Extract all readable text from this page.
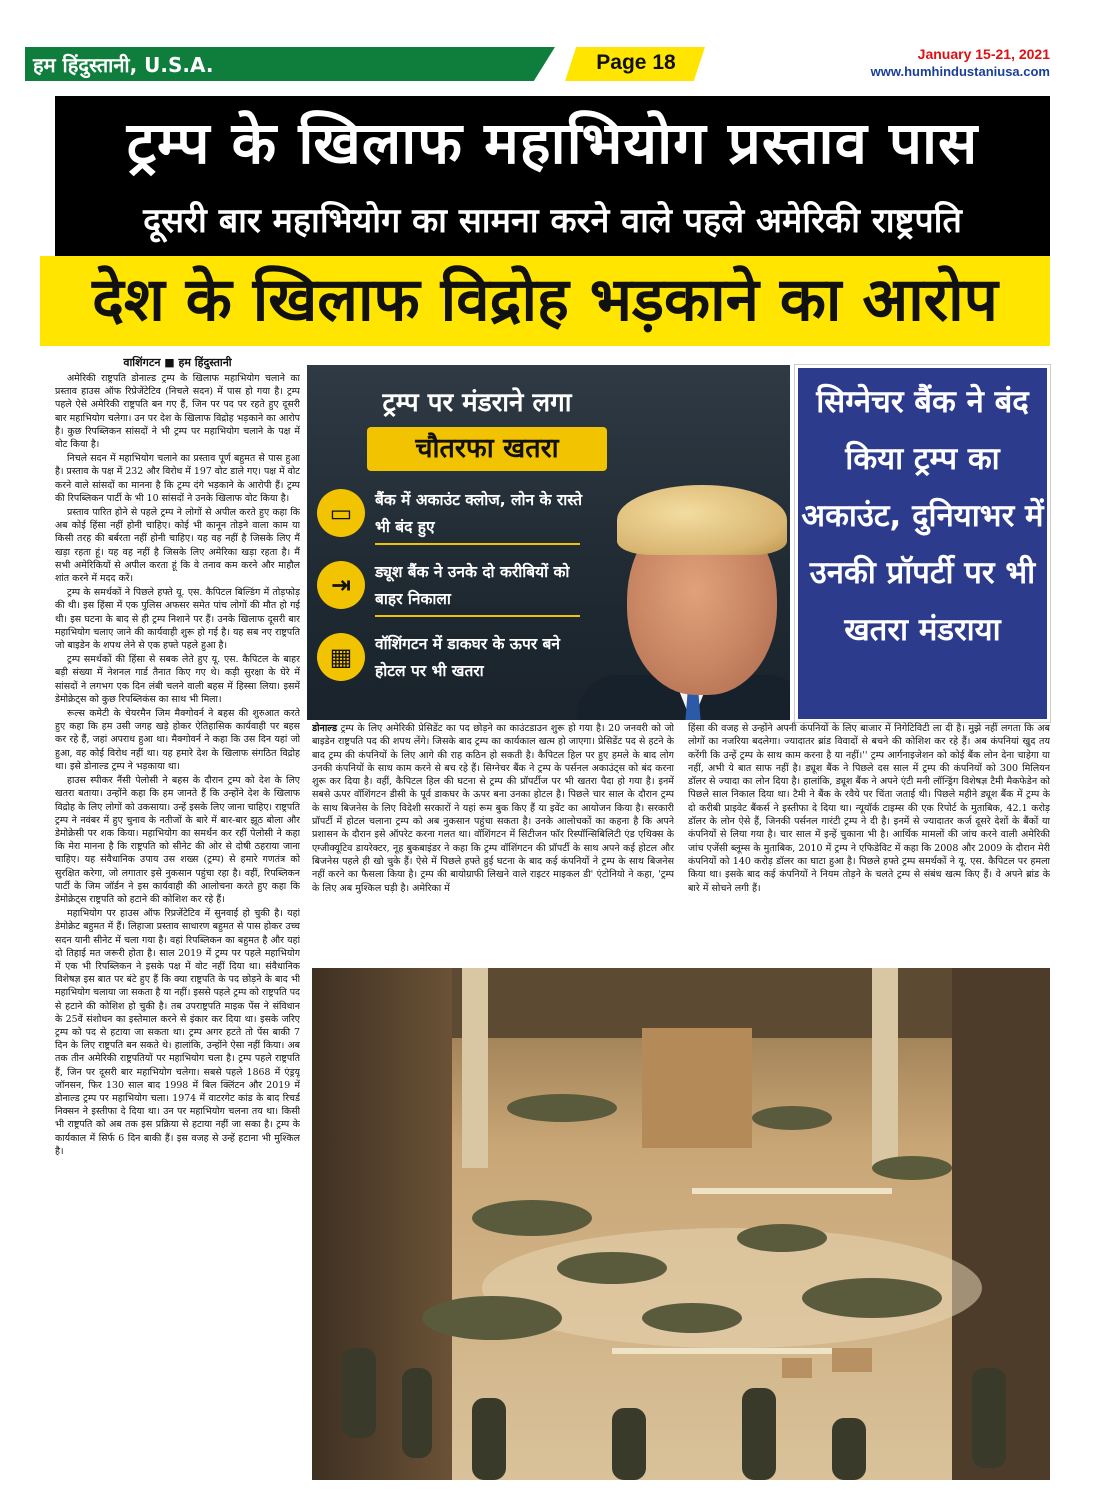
हम हिंदुस्तानी, U.S.A.	Page 18	January 15-21, 2021
www.humhindustaniusa.com
ट्रम्प के खिलाफ महाभियोग प्रस्ताव पास
दूसरी बार महाभियोग का सामना करने वाले पहले अमेरिकी राष्ट्रपति
देश के खिलाफ विद्रोह भड़काने का आरोप
वाशिंगटन ■ हम हिंदुस्तानी

अमेरिकी राष्ट्रपति डोनाल्ड ट्रम्प के खिलाफ महाभियोग चलाने का प्रस्ताव हाउस ऑफ रिप्रेजेंटेटिव (निचले सदन) में पास हो गया है। ट्रम्प पहले ऐसे अमेरिकी राष्ट्रपति बन गए हैं, जिन पर पद पर रहते हुए दूसरी बार महाभियोग चलेगा। उन पर देश के खिलाफ विद्रोह भड़काने का आरोप है। कुछ रिपब्लिकन सांसदों ने भी ट्रम्प पर महाभियोग चलाने के पक्ष में वोट किया है।

निचले सदन में महाभियोग चलाने का प्रस्ताव पूर्ण बहुमत से पास हुआ है। प्रस्ताव के पक्ष में 232 और विरोध में 197 वोट डाले गए। पक्ष में वोट करने वाले सांसदों का मानना है कि ट्रम्प दंगे भड़काने के आरोपी हैं। ट्रम्प की रिपब्लिकन पार्टी के भी 10 सांसदों ने उनके खिलाफ वोट किया है।

प्रस्ताव पारित होने से पहले ट्रम्प ने लोगों से अपील करते हुए कहा कि अब कोई हिंसा नहीं होनी चाहिए। कोई भी कानून तोड़ने वाला काम या किसी तरह की बर्बरता नहीं होनी चाहिए। यह वह नहीं है जिसके लिए मैं खड़ा रहता हूं। यह वह नहीं है जिसके लिए अमेरिका खड़ा रहता है। मैं सभी अमेरिकियों से अपील करता हूं कि वे तनाव कम करने और माहौल शांत करने में मदद करें।

ट्रम्प के समर्थकों ने पिछले हफ्ते यू. एस. कैपिटल बिल्डिंग में तोड़फोड़ की थी। इस हिंसा में एक पुलिस अफसर समेत पांच लोगों की मौत हो गई थी। इस घटना के बाद से ही ट्रम्प निशाने पर हैं। उनके खिलाफ दूसरी बार महाभियोग चलाए जाने की कार्यवाही शुरू हो गई है। यह सब नए राष्ट्रपति जो बाइडेन के शपथ लेने से एक हफ्ते पहले हुआ है।

ट्रम्प समर्थकों की हिंसा से सबक लेते हुए यू. एस. कैपिटल के बाहर बड़ी संख्या में नेशनल गार्ड तैनात किए गए थे। कड़ी सुरक्षा के घेरे में सांसदों ने लगभग एक दिन लंबी चलने वाली बहस में हिस्सा लिया। इसमें डेमोक्रेट्स को कुछ रिपब्लिकंस का साथ भी मिला।

रूल्स कमेटी के चेयरमैन जिम मैक्गोवर्न ने बहस की शुरुआत करते हुए कहा कि हम उसी जगह खड़े होकर ऐतिहासिक कार्यवाही पर बहस कर रहे हैं, जहां अपराध हुआ था। मैक्गोवर्न ने कहा कि उस दिन यहां जो हुआ, वह कोई विरोध नहीं था। यह हमारे देश के खिलाफ संगठित विद्रोह था। इसे डोनाल्ड ट्रम्प ने भड़काया था।

हाउस स्पीकर नैंसी पेलोसी ने बहस के दौरान ट्रम्प को देश के लिए खतरा बताया। उन्होंने कहा कि हम जानते हैं कि उन्होंने देश के खिलाफ विद्रोह के लिए लोगों को उकसाया। उन्हें इसके लिए जाना चाहिए। राष्ट्रपति ट्रम्प ने नवंबर में हुए चुनाव के नतीजों के बारे में बार-बार झूठ बोला और डेमोक्रेसी पर शक किया। महाभियोग का समर्थन कर रहीं पेलोसी ने कहा कि मेरा मानना है कि राष्ट्रपति को सीनेट की ओर से दोषी ठहराया जाना चाहिए। यह संवैधानिक उपाय उस शख्स (ट्रम्प) से हमारे गणतंत्र को सुरक्षित करेगा, जो लगातार इसे नुकसान पहुंचा रहा है। वहीं, रिपब्लिकन पार्टी के जिम जॉर्डन ने इस कार्यवाही की आलोचना करते हुए कहा कि डेमोक्रेट्स राष्ट्रपति को हटाने की कोशिश कर रहे हैं।

महाभियोग पर हाउस ऑफ रिप्रजेंटेटिव में सुनवाई हो चुकी है। यहां डेमोक्रेट बहुमत में हैं। लिहाजा प्रस्ताव साधारण बहुमत से पास होकर उच्च सदन यानी सीनेट में चला गया है। वहां रिपब्लिकन का बहुमत है और यहां दो तिहाई मत जरूरी होता है। साल 2019 में ट्रम्प पर पहले महाभियोग में एक भी रिपब्लिकन ने इसके पक्ष में वोट नहीं दिया था। संवैधानिक विशेषज्ञ इस बात पर बंटे हुए हैं कि क्या राष्ट्रपति के पद छोड़ने के बाद भी महाभियोग चलाया जा सकता है या नहीं। इससे पहले ट्रम्प को राष्ट्रपति पद से हटाने की कोशिश हो चुकी है। तब उपराष्ट्रपति माइक पेंस ने संविधान के 25वें संशोधन का इस्तेमाल करने से इंकार कर दिया था। इसके जरिए ट्रम्प को पद से हटाया जा सकता था। ट्रम्प अगर हटते तो पेंस बाकी 7 दिन के लिए राष्ट्रपति बन सकते थे। हालांकि, उन्होंने ऐसा नहीं किया। अब तक तीन अमेरिकी राष्ट्रपतियों पर महाभियोग चला है। ट्रम्प पहले राष्ट्रपति हैं, जिन पर दूसरी बार महाभियोग चलेगा। सबसे पहले 1868 में एंड्रयू जॉनसन, फिर 130 साल बाद 1998 में बिल क्लिंटन और 2019 में डोनाल्ड ट्रम्प पर महाभियोग चला। 1974 में वाटरगेट कांड के बाद रिचर्ड निक्सन ने इस्तीफा दे दिया था। उन पर महाभियोग चलना तय था। किसी भी राष्ट्रपति को अब तक इस प्रक्रिया से हटाया नहीं जा सका है। ट्रम्प के कार्यकाल में सिर्फ 6 दिन बाकी हैं। इस वजह से उन्हें हटाना भी मुश्किल है।

ट्रम्प पर मंडराने लगा
चौतरफा खतरा
▭	बैंक में अकाउंट क्लोज, लोन के रास्ते भी बंद हुए
⇥	ड्यूश बैंक ने उनके दो करीबियों को बाहर निकाला
▦	वॉशिंगटन में डाकघर के ऊपर बने होटल पर भी खतरा
सिग्नेचर बैंक ने बंद किया ट्रम्प का अकाउंट, दुनियाभर में उनकी प्रॉपर्टी पर भी खतरा मंडराया

डोनाल्ड ट्रम्प के लिए अमेरिकी प्रेसिडेंट का पद छोड़ने का काउंटडाउन शुरू हो गया है। 20 जनवरी को जो बाइडेन राष्ट्रपति पद की शपथ लेंगे। जिसके बाद ट्रम्प का कार्यकाल खत्म हो जाएगा। प्रेसिडेंट पद से हटने के बाद ट्रम्प की कंपनियों के लिए आगे की राह कठिन हो सकती है। कैपिटल हिल पर हुए हमले के बाद लोग उनकी कंपनियों के साथ काम करने से बच रहे हैं। सिग्नेचर बैंक ने ट्रम्प के पर्सनल अकाउंट्स को बंद करना शुरू कर दिया है। वहीं, कैपिटल हिल की घटना से ट्रम्प की प्रॉपर्टीज पर भी खतरा पैदा हो गया है। इनमें सबसे ऊपर वॉशिंगटन डीसी के पूर्व डाकघर के ऊपर बना उनका होटल है। पिछले चार साल के दौरान ट्रम्प के साथ बिजनेस के लिए विदेशी सरकारों ने यहां रूम बुक किए हैं या इवेंट का आयोजन किया है। सरकारी प्रॉपर्टी में होटल चलाना ट्रम्प को अब नुकसान पहुंचा सकता है। उनके आलोचकों का कहना है कि अपने प्रशासन के दौरान इसे ऑपरेट करना गलत था। वॉशिंगटन में सिटीजन फॉर रिस्पॉन्सिबिलिटी एंड एथिक्स के एग्जीक्यूटिव डायरेक्टर, नूह बुकबाइंडर ने कहा कि ट्रम्प वॉशिंगटन की प्रॉपर्टी के साथ अपने कई होटल और बिजनेस पहले ही खो चुके हैं। ऐसे में पिछले हफ्ते हुई घटना के बाद कई कंपनियों ने ट्रम्प के साथ बिजनेस नहीं करने का फैसला किया है। ट्रम्प की बायोग्राफी लिखने वाले राइटर माइकल डी' एंटोनियो ने कहा, 'ट्रम्प के लिए अब मुश्किल घड़ी है। अमेरिका में

हिंसा की वजह से उन्होंने अपनी कंपनियों के लिए बाजार में निगेटिविटी ला दी है। मुझे नहीं लगता कि अब लोगों का नजरिया बदलेगा। ज्यादातर ब्रांड विवादों से बचने की कोशिश कर रहे हैं। अब कंपनियां खुद तय करेंगी कि उन्हें ट्रम्प के साथ काम करना है या नहीं।'' ट्रम्प आर्गनाइजेशन को कोई बैंक लोन देना चाहेगा या नहीं, अभी ये बात साफ नहीं है। ड्यूश बैंक ने पिछले दस साल में ट्रम्प की कंपनियों को 300 मिलियन डॉलर से ज्यादा का लोन दिया है। हालांकि, ड्यूश बैंक ने अपने एंटी मनी लॉन्ड्रिंग विशेषज्ञ टैमी मैकफेडेन को पिछले साल निकाल दिया था। टैमी ने बैंक के रवैये पर चिंता जताई थी। पिछले महीने ड्यूश बैंक में ट्रम्प के दो करीबी प्राइवेट बैंकर्स ने इस्तीफा दे दिया था। न्यूयॉर्क टाइम्स की एक रिपोर्ट के मुताबिक, 42.1 करोड़ डॉलर के लोन ऐसे हैं, जिनकी पर्सनल गारंटी ट्रम्प ने दी है। इनमें से ज्यादातर कर्ज दूसरे देशों के बैंकों या कंपनियों से लिया गया है। चार साल में इन्हें चुकाना भी है। आर्थिक मामलों की जांच करने वाली अमेरिकी जांच एजेंसी ब्लूम्स के मुताबिक, 2010 में ट्रम्प ने एफिडेविट में कहा कि 2008 और 2009 के दौरान मेरी कंपनियों को 140 करोड़ डॉलर का घाटा हुआ है। पिछले हफ्ते ट्रम्प समर्थकों ने यू. एस. कैपिटल पर हमला किया था। इसके बाद कई कंपनियों ने नियम तोड़ने के चलते ट्रम्प से संबंध खत्म किए हैं। वे अपने ब्रांड के बारे में सोचने लगी हैं।
